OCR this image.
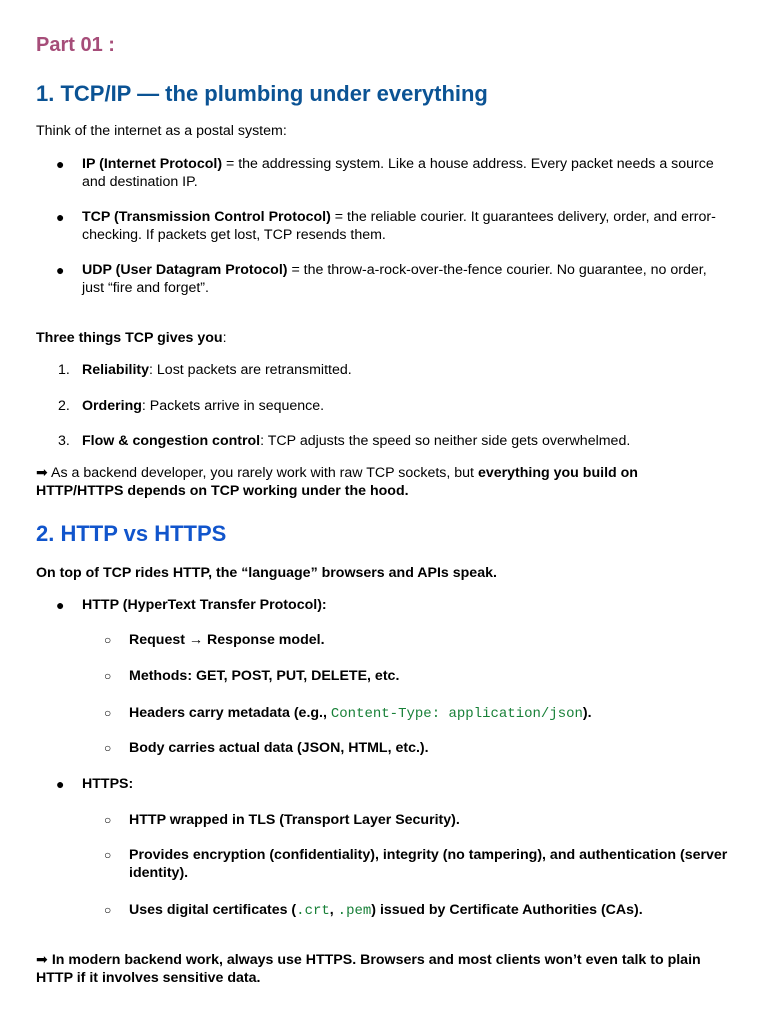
Part 01 :
1. TCP/IP — the plumbing under everything

Think of the internet as a postal system:

● IP (Internet Protocol) = the addressing system. Like a house address. Every packet needs a source and destination IP.
● TCP (Transmission Control Protocol) = the reliable courier. It guarantees delivery, order, and error-checking. If packets get lost, TCP resends them.
● UDP (User Datagram Protocol) = the throw-a-rock-over-the-fence courier. No guarantee, no order, just “fire and forget”.

Three things TCP gives you:

1. Reliability: Lost packets are retransmitted.
2. Ordering: Packets arrive in sequence.
3. Flow & congestion control: TCP adjusts the speed so neither side gets overwhelmed.

➡ As a backend developer, you rarely work with raw TCP sockets, but everything you build on HTTP/HTTPS depends on TCP working under the hood.

2. HTTP vs HTTPS

On top of TCP rides HTTP, the “language” browsers and APIs speak.

● HTTP (HyperText Transfer Protocol):
○ Request → Response model.
○ Methods: GET, POST, PUT, DELETE, etc.
○ Headers carry metadata (e.g., Content-Type: application/json).
○ Body carries actual data (JSON, HTML, etc.).
● HTTPS:
○ HTTP wrapped in TLS (Transport Layer Security).
○ Provides encryption (confidentiality), integrity (no tampering), and authentication (server identity).
○ Uses digital certificates (.crt, .pem) issued by Certificate Authorities (CAs).

➡ In modern backend work, always use HTTPS. Browsers and most clients won’t even talk to plain HTTP if it involves sensitive data.
